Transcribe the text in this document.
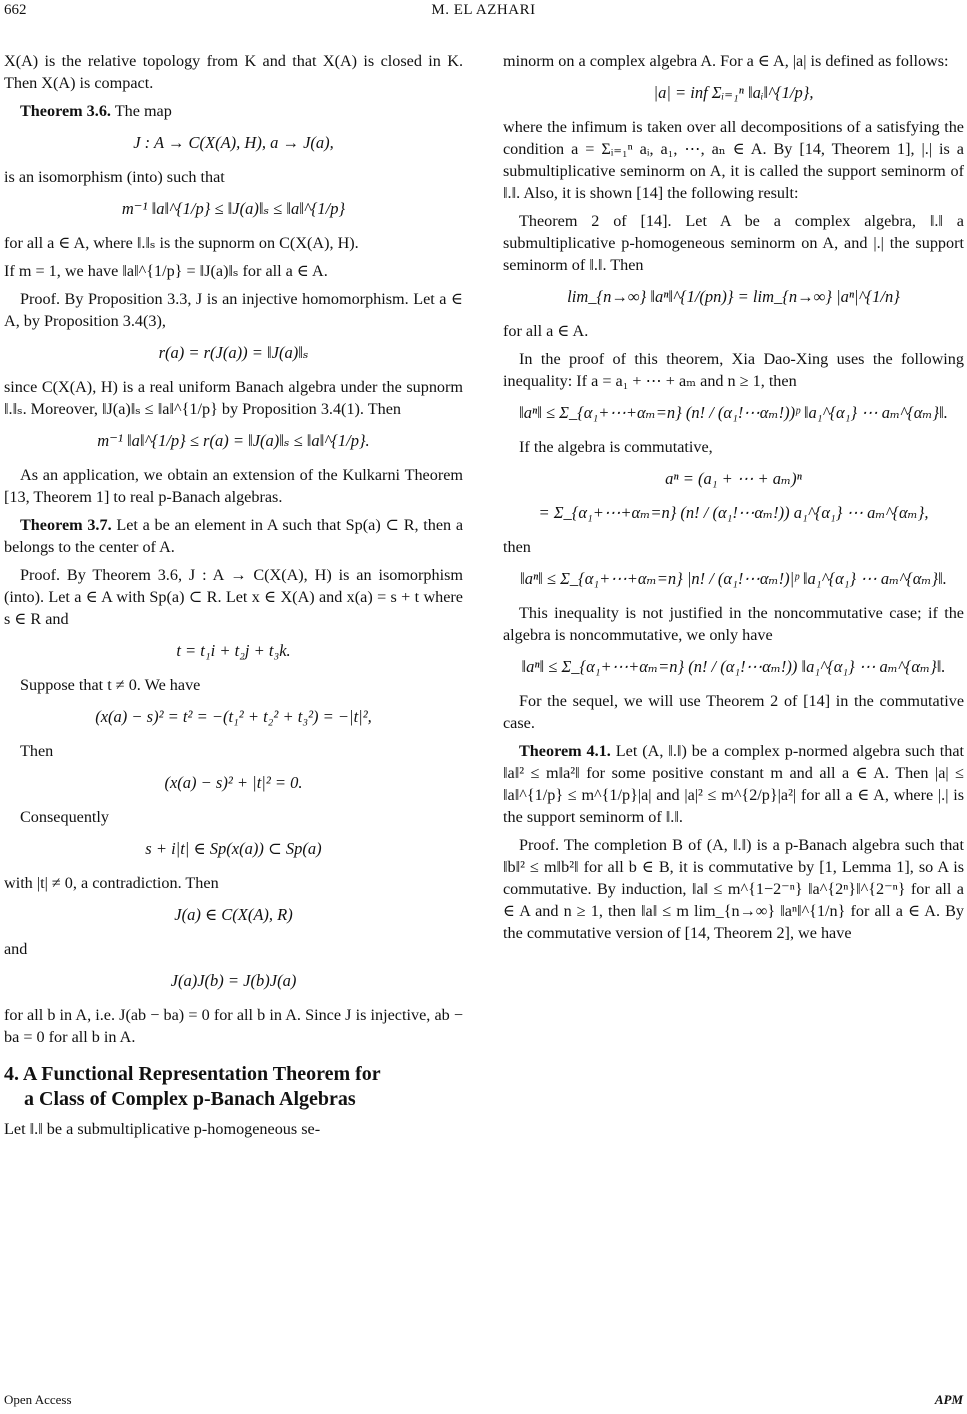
662	M. EL AZHARI

X(A) is the relative topology from K and that X(A) is closed in K. Then X(A) is compact.

Theorem 3.6. The map

J : A → C(X(A), H), a → J(a),

is an isomorphism (into) such that

m⁻¹ ‖a‖^{1/p} ≤ ‖J(a)‖ₛ ≤ ‖a‖^{1/p}

for all a ∈ A, where ‖.‖ₛ is the supnorm on C(X(A), H).

If m = 1, we have ‖a‖^{1/p} = ‖J(a)‖ₛ for all a ∈ A.

Proof. By Proposition 3.3, J is an injective homomorphism. Let a ∈ A, by Proposition 3.4(3),

r(a) = r(J(a)) = ‖J(a)‖ₛ

since C(X(A), H) is a real uniform Banach algebra under the supnorm ‖.‖ₛ. Moreover, ‖J(a)‖ₛ ≤ ‖a‖^{1/p} by Proposition 3.4(1). Then

m⁻¹ ‖a‖^{1/p} ≤ r(a) = ‖J(a)‖ₛ ≤ ‖a‖^{1/p}.

As an application, we obtain an extension of the Kulkarni Theorem [13, Theorem 1] to real p-Banach algebras.

Theorem 3.7. Let a be an element in A such that Sp(a) ⊂ R, then a belongs to the center of A.

Proof. By Theorem 3.6, J : A → C(X(A), H) is an isomorphism (into). Let a ∈ A with Sp(a) ⊂ R. Let x ∈ X(A) and x(a) = s + t where s ∈ R and

t = t₁i + t₂j + t₃k.

Suppose that t ≠ 0. We have

(x(a) − s)² = t² = −(t₁² + t₂² + t₃²) = −|t|²,

Then

(x(a) − s)² + |t|² = 0.

Consequently

s + i|t| ∈ Sp(x(a)) ⊂ Sp(a)

with |t| ≠ 0, a contradiction. Then

J(a) ∈ C(X(A), R)

and

J(a)J(b) = J(b)J(a)

for all b in A, i.e. J(ab − ba) = 0 for all b in A. Since J is injective, ab − ba = 0 for all b in A.

4. A Functional Representation Theorem for
a Class of Complex p-Banach Algebras

Let ‖.‖ be a submultiplicative p-homogeneous se-

minorm on a complex algebra A. For a ∈ A, |a| is defined as follows:

|a| = inf Σᵢ₌₁ⁿ ‖aᵢ‖^{1/p},

where the infimum is taken over all decompositions of a satisfying the condition a = Σᵢ₌₁ⁿ aᵢ, a₁, ⋯, aₙ ∈ A. By [14, Theorem 1], |.| is a submultiplicative seminorm on A, it is called the support seminorm of ‖.‖. Also, it is shown [14] the following result:

Theorem 2 of [14]. Let A be a complex algebra, ‖.‖ a submultiplicative p-homogeneous seminorm on A, and |.| the support seminorm of ‖.‖. Then

lim_{n→∞} ‖aⁿ‖^{1/(pn)} = lim_{n→∞} |aⁿ|^{1/n}

for all a ∈ A.

In the proof of this theorem, Xia Dao-Xing uses the following inequality: If a = a₁ + ⋯ + aₘ and n ≥ 1, then

‖aⁿ‖ ≤ Σ_{α₁+⋯+αₘ=n} (n! / (α₁!⋯αₘ!))ᵖ ‖a₁^{α₁} ⋯ aₘ^{αₘ}‖.

If the algebra is commutative,

aⁿ = (a₁ + ⋯ + aₘ)ⁿ
= Σ_{α₁+⋯+αₘ=n} (n! / (α₁!⋯αₘ!)) a₁^{α₁} ⋯ aₘ^{αₘ},

then

‖aⁿ‖ ≤ Σ_{α₁+⋯+αₘ=n} |n! / (α₁!⋯αₘ!)|ᵖ ‖a₁^{α₁} ⋯ aₘ^{αₘ}‖.

This inequality is not justified in the noncommutative case; if the algebra is noncommutative, we only have

‖aⁿ‖ ≤ Σ_{α₁+⋯+αₘ=n} (n! / (α₁!⋯αₘ!)) ‖a₁^{α₁} ⋯ aₘ^{αₘ}‖.

For the sequel, we will use Theorem 2 of [14] in the commutative case.

Theorem 4.1. Let (A, ‖.‖) be a complex p-normed algebra such that ‖a‖² ≤ m‖a²‖ for some positive constant m and all a ∈ A. Then |a| ≤ ‖a‖^{1/p} ≤ m^{1/p}|a| and |a|² ≤ m^{2/p}|a²| for all a ∈ A, where |.| is the support seminorm of ‖.‖.

Proof. The completion B of (A, ‖.‖) is a p-Banach algebra such that ‖b‖² ≤ m‖b²‖ for all b ∈ B, it is commutative by [1, Lemma 1], so A is commutative. By induction, ‖a‖ ≤ m^{1−2⁻ⁿ} ‖a^{2ⁿ}‖^{2⁻ⁿ} for all a ∈ A and n ≥ 1, then ‖a‖ ≤ m lim_{n→∞} ‖aⁿ‖^{1/n} for all a ∈ A. By the commutative version of [14, Theorem 2], we have

Open Access	APM
